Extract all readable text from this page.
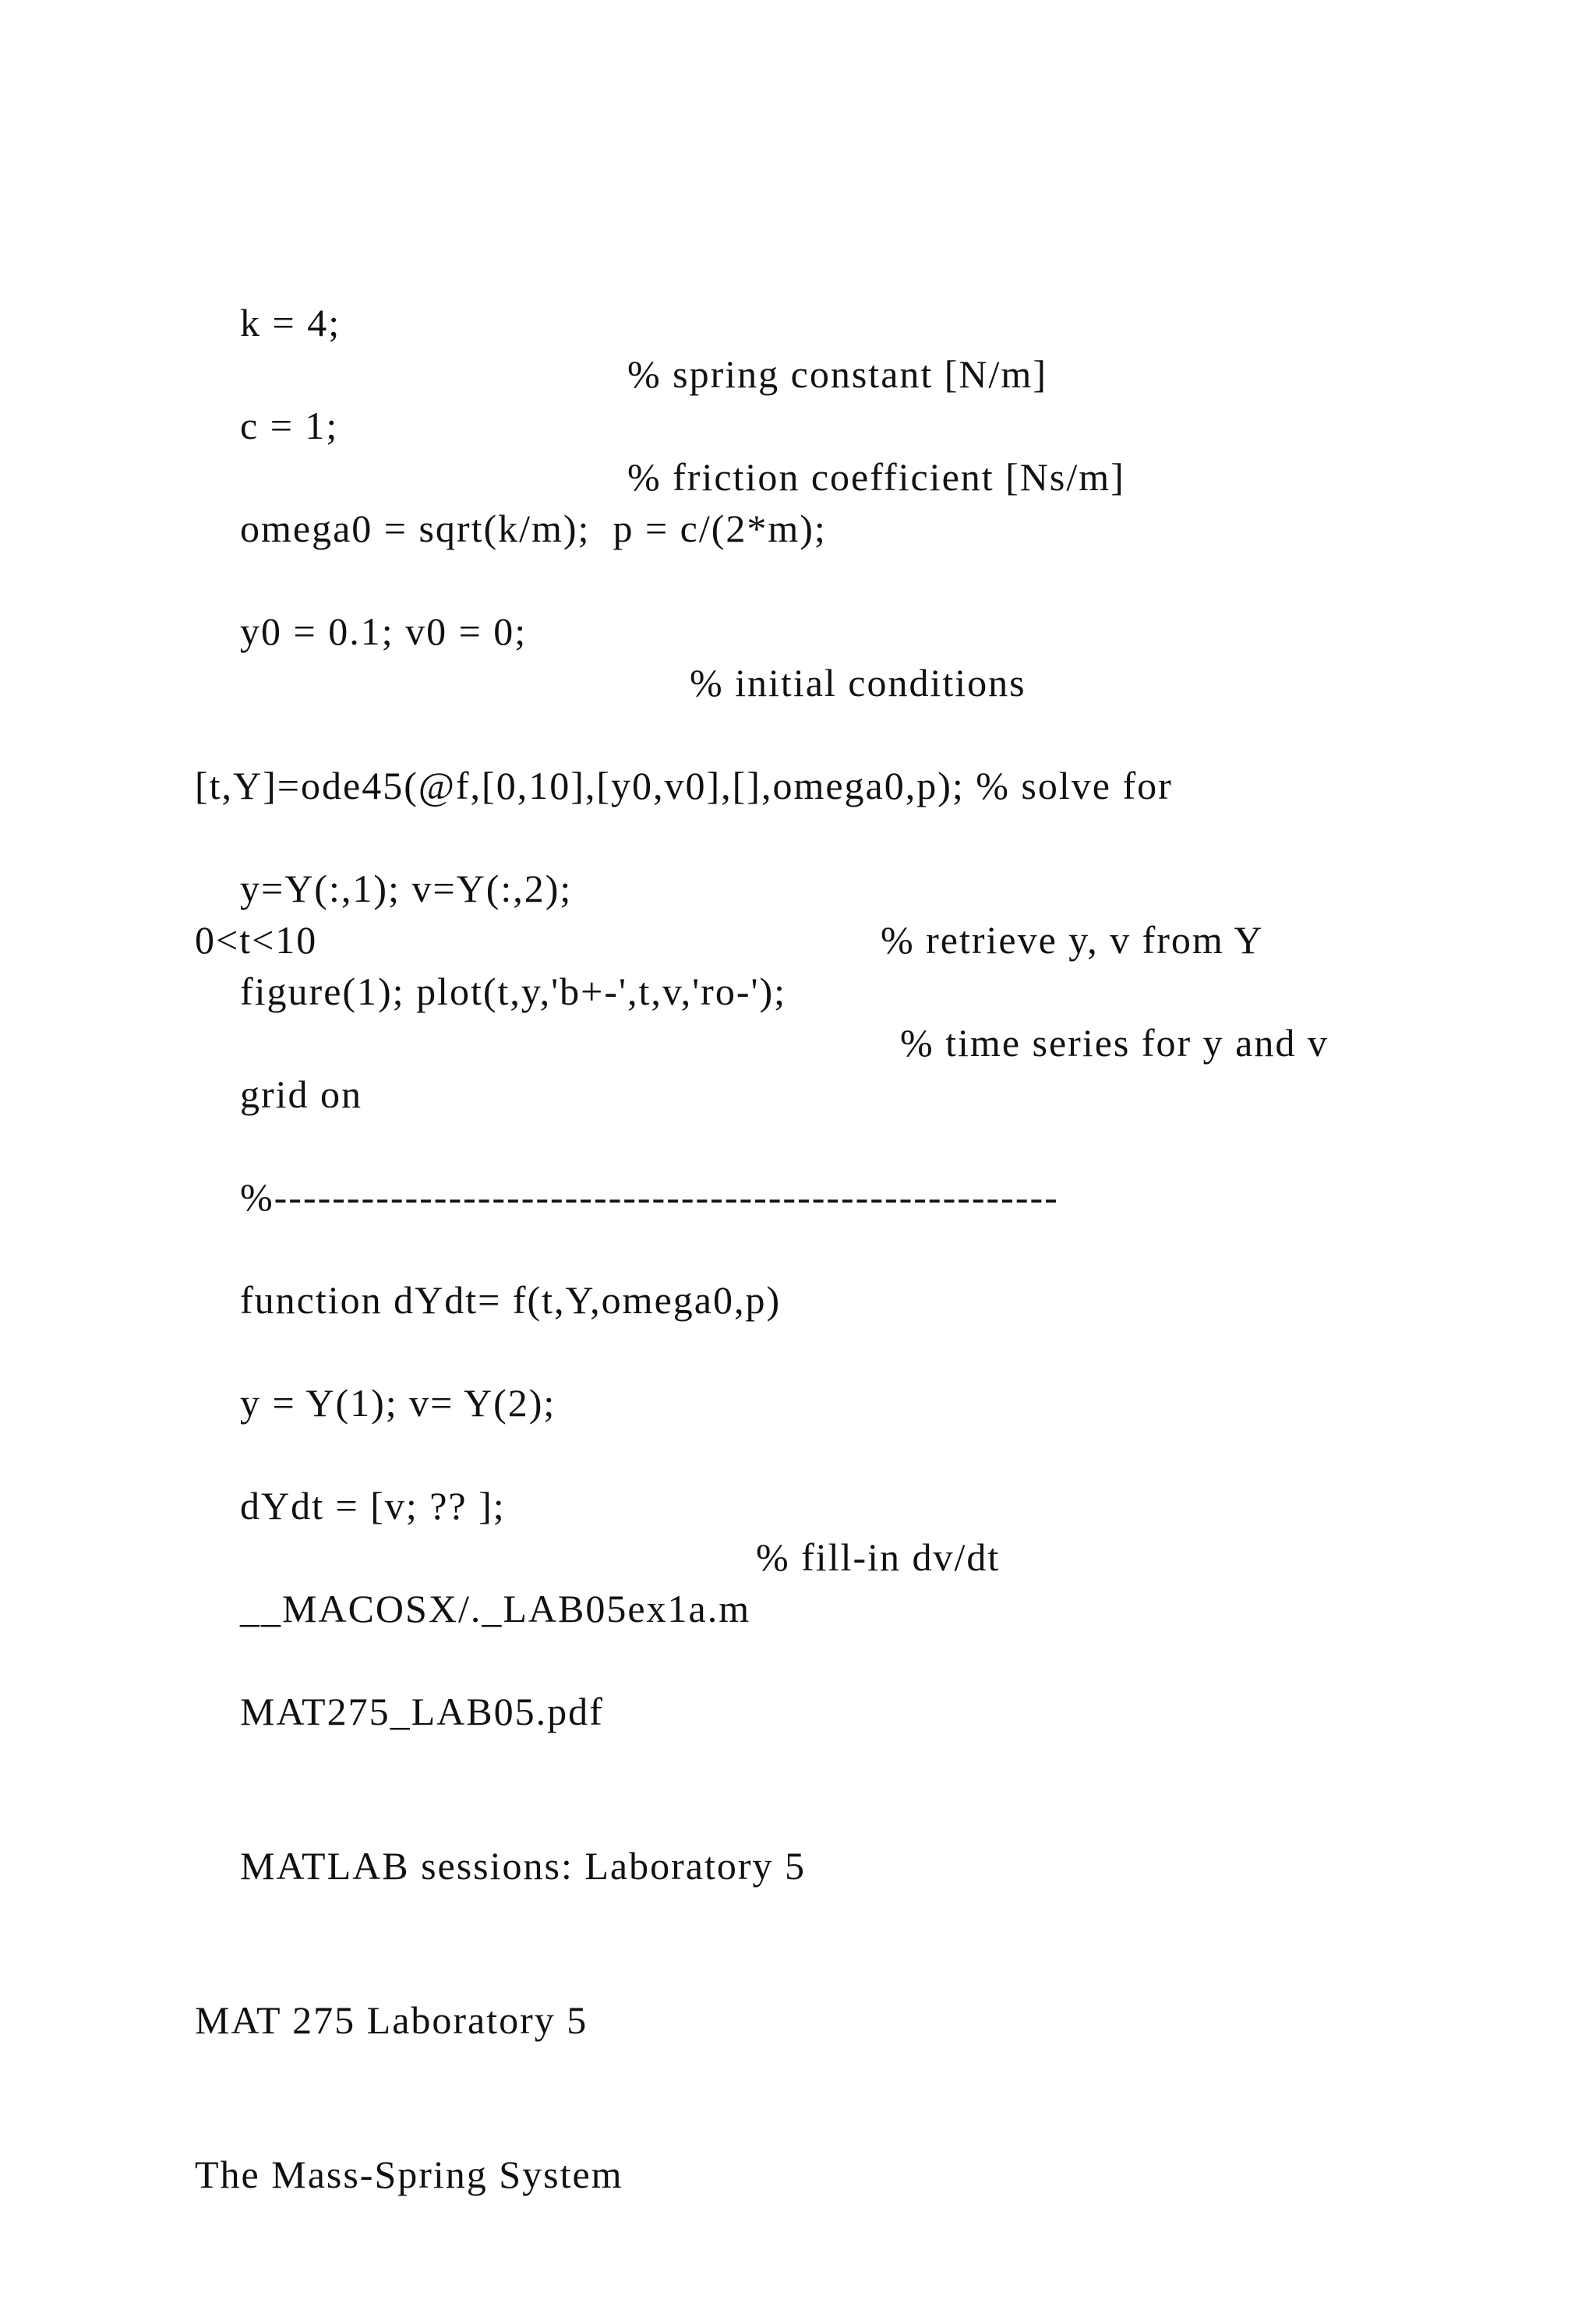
k = 4;

% spring constant [N/m]

c = 1;

% friction coefficient [Ns/m]

omega0 = sqrt(k/m);  p = c/(2*m);

y0 = 0.1; v0 = 0;

% initial conditions

[t,Y]=ode45(@f,[0,10],[y0,v0],[],omega0,p); % solve for

0<t<10

y=Y(:,1); v=Y(:,2);

% retrieve y, v from Y

figure(1); plot(t,y,'b+-',t,v,'ro-');

% time series for y and v

grid on

%------------------------------------------------------

function dYdt= f(t,Y,omega0,p)

y = Y(1); v= Y(2);

dYdt = [v; ?? ];

% fill-in dv/dt

__MACOSX/._LAB05ex1a.m

MAT275_LAB05.pdf

MATLAB sessions: Laboratory 5

MAT 275 Laboratory 5

The Mass-Spring System
